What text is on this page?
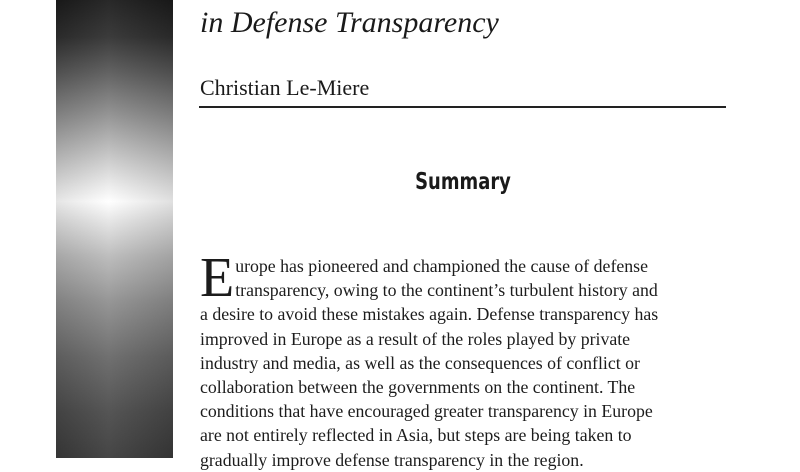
in Defense Transparency

Christian Le-Miere

Summary
E urope has pioneered and championed the cause of defense
transparency, owing to the continent’s turbulent history and
a desire to avoid these mistakes again. Defense transparency has
improved in Europe as a result of the roles played by private
industry and media, as well as the consequences of conflict or
collaboration between the governments on the continent. The
conditions that have encouraged greater transparency in Europe
are not entirely reflected in Asia, but steps are being taken to
gradually improve defense transparency in the region.
